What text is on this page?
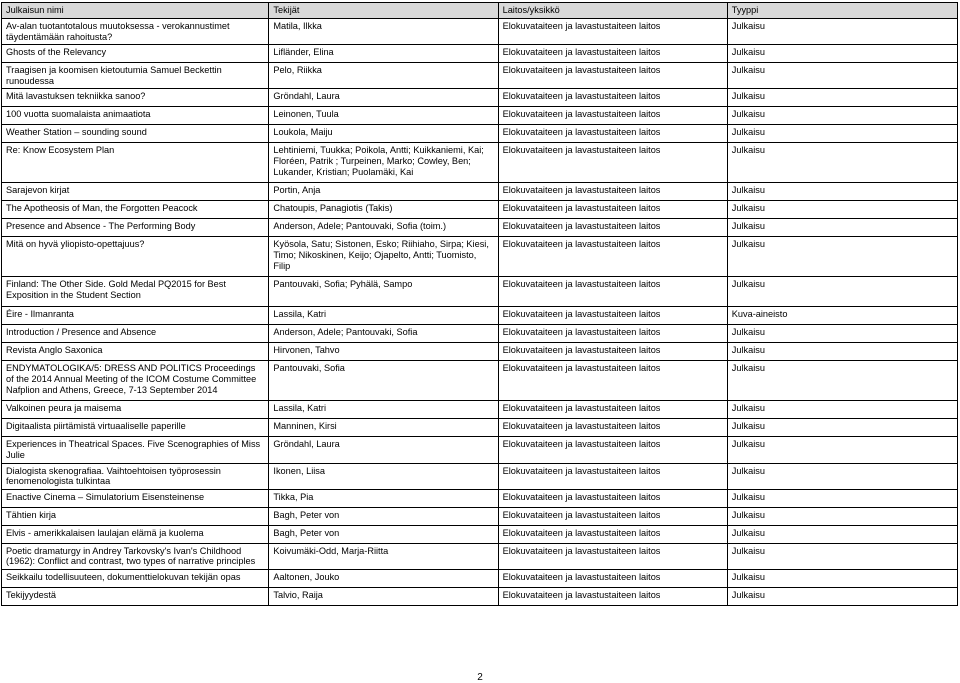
Julkaisun nimi	Tekijät	Laitos/yksikkö	Tyyppi
Av-alan tuotantotalous muutoksessa - verokannustimet täydentämään rahoitusta?	Matila, Ilkka	Elokuvataiteen ja lavastustaiteen laitos	Julkaisu
Ghosts of the Relevancy	Lifländer, Elina	Elokuvataiteen ja lavastustaiteen laitos	Julkaisu
Traagisen ja koomisen kietoutumia Samuel Beckettin runoudessa	Pelo, Riikka	Elokuvataiteen ja lavastustaiteen laitos	Julkaisu
Mitä lavastuksen tekniikka sanoo?	Gröndahl, Laura	Elokuvataiteen ja lavastustaiteen laitos	Julkaisu
100 vuotta suomalaista animaatiota	Leinonen, Tuula	Elokuvataiteen ja lavastustaiteen laitos	Julkaisu
Weather Station – sounding sound	Loukola, Maiju	Elokuvataiteen ja lavastustaiteen laitos	Julkaisu
Re: Know Ecosystem Plan	Lehtiniemi, Tuukka; Poikola, Antti; Kuikkaniemi, Kai; Floréen, Patrik ; Turpeinen, Marko; Cowley, Ben; Lukander, Kristian; Puolamäki, Kai	Elokuvataiteen ja lavastustaiteen laitos	Julkaisu
Sarajevon kirjat	Portin, Anja	Elokuvataiteen ja lavastustaiteen laitos	Julkaisu
The Apotheosis of Man, the Forgotten Peacock	Chatoupis, Panagiotis (Takis)	Elokuvataiteen ja lavastustaiteen laitos	Julkaisu
Presence and Absence - The Performing Body	Anderson, Adele; Pantouvaki, Sofia (toim.)	Elokuvataiteen ja lavastustaiteen laitos	Julkaisu
Mitä on hyvä yliopisto-opettajuus?	Kyösola, Satu; Sistonen, Esko; Riihiaho, Sirpa; Kiesi, Timo; Nikoskinen, Keijo; Ojapelto, Antti; Tuomisto, Filip	Elokuvataiteen ja lavastustaiteen laitos	Julkaisu
Finland: The Other Side. Gold Medal PQ2015 for Best Exposition in the Student Section	Pantouvaki, Sofia; Pyhälä, Sampo	Elokuvataiteen ja lavastustaiteen laitos	Julkaisu
Éire - Ilmanranta	Lassila, Katri	Elokuvataiteen ja lavastustaiteen laitos	Kuva-aineisto
Introduction / Presence and Absence	Anderson, Adele; Pantouvaki, Sofia	Elokuvataiteen ja lavastustaiteen laitos	Julkaisu
Revista Anglo Saxonica	Hirvonen, Tahvo	Elokuvataiteen ja lavastustaiteen laitos	Julkaisu
ENDYMATOLOGIKA/5: DRESS AND POLITICS Proceedings of the 2014 Annual Meeting of the ICOM Costume Committee Nafplion and Athens, Greece, 7-13 September 2014	Pantouvaki, Sofia	Elokuvataiteen ja lavastustaiteen laitos	Julkaisu
Valkoinen peura ja maisema	Lassila, Katri	Elokuvataiteen ja lavastustaiteen laitos	Julkaisu
Digitaalista piirtämistä virtuaaliselle paperille	Manninen, Kirsi	Elokuvataiteen ja lavastustaiteen laitos	Julkaisu
Experiences in Theatrical Spaces. Five Scenographies of Miss Julie	Gröndahl, Laura	Elokuvataiteen ja lavastustaiteen laitos	Julkaisu
Dialogista skenografiaa. Vaihtoehtoisen työprosessin fenomenologista tulkintaa	Ikonen, Liisa	Elokuvataiteen ja lavastustaiteen laitos	Julkaisu
Enactive Cinema – Simulatorium Eisensteinense	Tikka, Pia	Elokuvataiteen ja lavastustaiteen laitos	Julkaisu
Tähtien kirja	Bagh, Peter von	Elokuvataiteen ja lavastustaiteen laitos	Julkaisu
Elvis - amerikkalaisen laulajan elämä ja kuolema	Bagh, Peter von	Elokuvataiteen ja lavastustaiteen laitos	Julkaisu
Poetic dramaturgy in Andrey Tarkovsky's Ivan's Childhood (1962): Conflict and contrast, two types of narrative principles	Koivumäki-Odd, Marja-Riitta	Elokuvataiteen ja lavastustaiteen laitos	Julkaisu
Seikkailu todellisuuteen, dokumenttielokuvan tekijän opas	Aaltonen, Jouko	Elokuvataiteen ja lavastustaiteen laitos	Julkaisu
Tekijyydestä	Talvio, Raija	Elokuvataiteen ja lavastustaiteen laitos	Julkaisu
2
